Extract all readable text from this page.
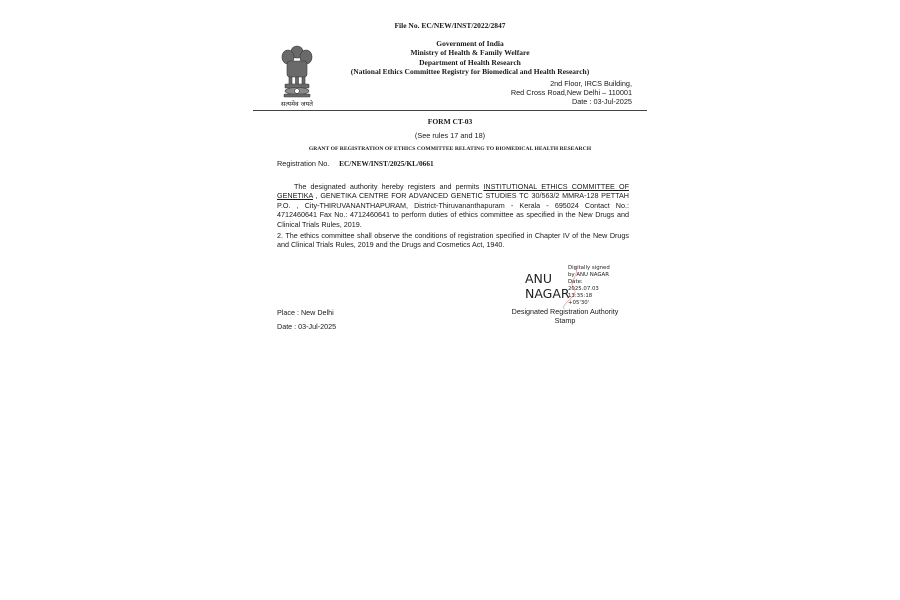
File No. EC/NEW/INST/2022/2847
Government of India
Ministry of Health & Family Welfare
Department of Health Research
(National Ethics Committee Registry for Biomedical and Health Research)
सत्यमेव जयते
2nd Floor, IRCS Building,
Red Cross Road,New Delhi – 110001
Date : 03-Jul-2025
FORM CT-03
(See rules 17 and 18)
GRANT OF REGISTRATION OF ETHICS COMMITTEE RELATING TO BIOMEDICAL HEALTH RESEARCH
Registration No. EC/NEW/INST/2025/KL/0661
The designated authority hereby registers and permits INSTITUTIONAL ETHICS COMMITTEE OF GENETIKA , GENETIKA CENTRE FOR ADVANCED GENETIC STUDIES TC 30/563/2 MMRA-128 PETTAH P.O. , City-THIRUVANANTHAPURAM, District-Thiruvananthapuram - Kerala - 695024 Contact No.: 4712460641 Fax No.: 4712460641 to perform duties of ethics committee as specified in the New Drugs and Clinical Trials Rules, 2019.
2. The ethics committee shall observe the conditions of registration specified in Chapter IV of the New Drugs and Clinical Trials Rules, 2019 and the Drugs and Cosmetics Act, 1940.
ANU
NAGAR
Digitally signed
by ANU NAGAR
Date:
2025.07.03
13:35:18
+05'30'
Designated Registration Authority
Stamp
Place : New Delhi
Date : 03-Jul-2025
